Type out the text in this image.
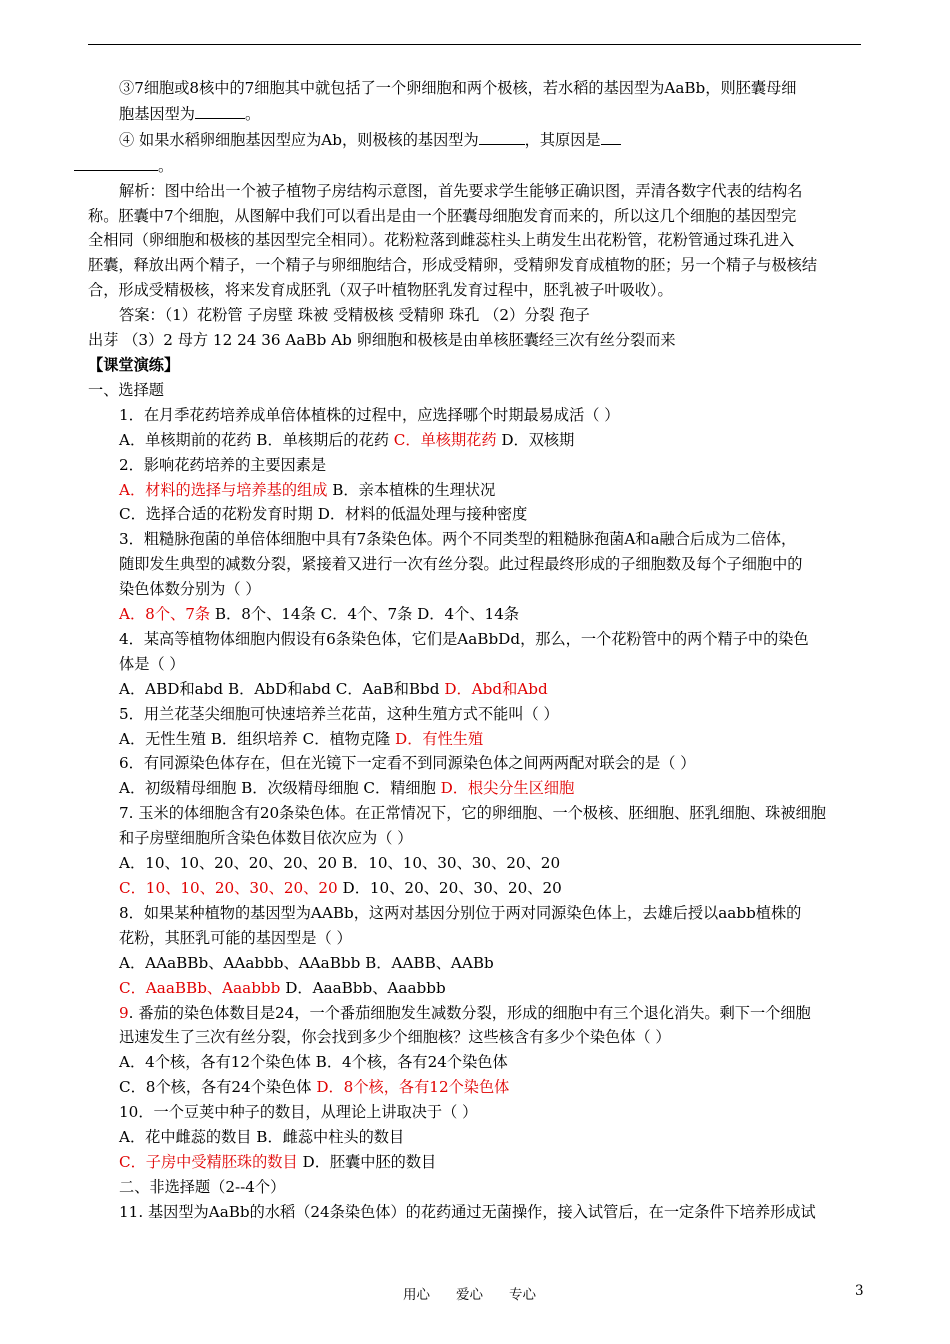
③7细胞或8核中的7细胞其中就包括了一个卵细胞和两个极核，若水稻的基因型为AaBb，则胚囊母细
胞基因型为	。
④ 如果水稻卵细胞基因型应为Ab，则极核的基因型为	，其原因是
。
解析：图中给出一个被子植物子房结构示意图，首先要求学生能够正确识图，弄清各数字代表的结构名
称。胚囊中7个细胞，从图解中我们可以看出是由一个胚囊母细胞发育而来的，所以这几个细胞的基因型完
全相同（卵细胞和极核的基因型完全相同）。花粉粒落到雌蕊柱头上萌发生出花粉管，花粉管通过珠孔进入
胚囊，释放出两个精子，一个精子与卵细胞结合，形成受精卵，受精卵发育成植物的胚；另一个精子与极核结
合，形成受精极核，将来发育成胚乳（双子叶植物胚乳发育过程中，胚乳被子叶吸收）。
答案：（1）花粉管 子房壁 珠被 受精极核 受精卵 珠孔 （2）分裂 孢子
出芽 （3）2 母方 12 24 36 AaBb Ab 卵细胞和极核是由单核胚囊经三次有丝分裂而来
【课堂演练】
一、选择题
1．在月季花药培养成单倍体植株的过程中，应选择哪个时期最易成活（ ）
A．单核期前的花药 B．单核期后的花药 C．单核期花药 D．双核期
2．影响花药培养的主要因素是
A．材料的选择与培养基的组成 B．亲本植株的生理状况
C．选择合适的花粉发育时期 D．材料的低温处理与接种密度
3．粗糙脉孢菌的单倍体细胞中具有7条染色体。两个不同类型的粗糙脉孢菌A和a融合后成为二倍体，
随即发生典型的减数分裂，紧接着又进行一次有丝分裂。此过程最终形成的子细胞数及每个子细胞中的
染色体数分别为（ ）
A．8个、7条 B．8个、14条 C．4个、7条 D．4个、14条
4．某高等植物体细胞内假设有6条染色体，它们是AaBbDd，那么，一个花粉管中的两个精子中的染色
体是（ ）
A．ABD和abd B．AbD和abd C．AaB和Bbd D．Abd和Abd
5．用兰花茎尖细胞可快速培养兰花苗，这种生殖方式不能叫（ ）
A．无性生殖 B．组织培养 C．植物克隆 D．有性生殖
6．有同源染色体存在，但在光镜下一定看不到同源染色体之间两两配对联会的是（ ）
A．初级精母细胞 B．次级精母细胞 C．精细胞 D．根尖分生区细胞
7. 玉米的体细胞含有20条染色体。在正常情况下，它的卵细胞、一个极核、胚细胞、胚乳细胞、珠被细胞
和子房壁细胞所含染色体数目依次应为（ ）
A．10、10、20、20、20、20 B．10、10、30、30、20、20
C．10、10、20、30、20、20 D．10、20、20、30、20、20
8．如果某种植物的基因型为AABb，这两对基因分别位于两对同源染色体上，去雄后授以aabb植株的
花粉，其胚乳可能的基因型是（ ）
A．AAaBBb、AAabbb、AAaBbb B．AABB、AABb
C．AaaBBb、Aaabbb D．AaaBbb、Aaabbb
9. 番茄的染色体数目是24，一个番茄细胞发生减数分裂，形成的细胞中有三个退化消失。剩下一个细胞
迅速发生了三次有丝分裂，你会找到多少个细胞核？这些核含有多少个染色体（ ）
A．4个核，各有12个染色体 B．4个核，各有24个染色体
C．8个核，各有24个染色体 D．8个核，各有12个染色体
10．一个豆荚中种子的数目，从理论上讲取决于（ ）
A．花中雌蕊的数目 B．雌蕊中柱头的数目
C．子房中受精胚珠的数目 D．胚囊中胚的数目
二、非选择题（2--4个）
11. 基因型为AaBb的水稻（24条染色体）的花药通过无菌操作，接入试管后，在一定条件下培养形成试
用心 爱心 专心	3
